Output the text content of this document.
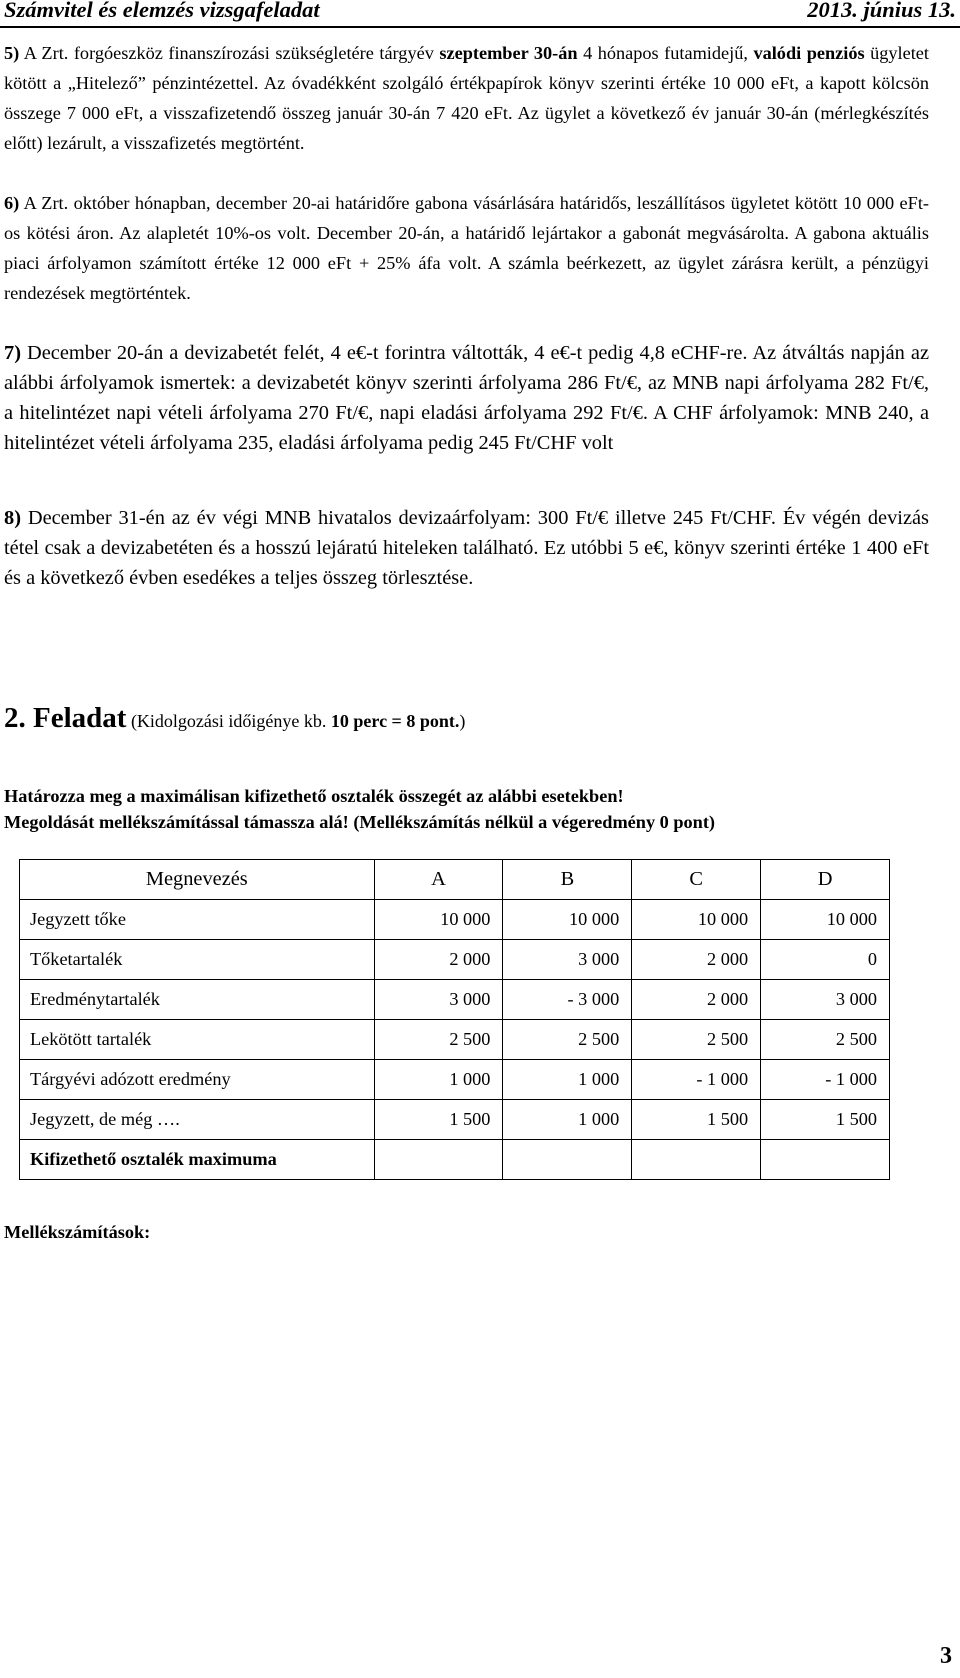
Számvitel és elemzés vizsgafeladat	2013. június 13.
5) A Zrt. forgóeszköz finanszírozási szükségletére tárgyév szeptember 30-án 4 hónapos futamidejű, valódi penziós ügyletet kötött a „Hitelező” pénzintézettel. Az óvadékként szolgáló értékpapírok könyv szerinti értéke 10 000 eFt, a kapott kölcsön összege 7 000 eFt, a visszafizetendő összeg január 30-án 7 420 eFt. Az ügylet a következő év január 30-án (mérlegkészítés előtt) lezárult, a visszafizetés megtörtént.
6) A Zrt. október hónapban, december 20-ai határidőre gabona vásárlására határidős, leszállításos ügyletet kötött 10 000 eFt-os kötési áron. Az alapletét 10%-os volt. December 20-án, a határidő lejártakor a gabonát megvásárolta. A gabona aktuális piaci árfolyamon számított értéke 12 000 eFt + 25% áfa volt. A számla beérkezett, az ügylet zárásra került, a pénzügyi rendezések megtörténtek.
7) December 20-án a devizabetét felét, 4 e€-t forintra váltották, 4 e€-t pedig 4,8 eCHF-re. Az átváltás napján az alábbi árfolyamok ismertek: a devizabetét könyv szerinti árfolyama 286 Ft/€, az MNB napi árfolyama 282 Ft/€, a hitelintézet napi vételi árfolyama 270 Ft/€, napi eladási árfolyama 292 Ft/€. A CHF árfolyamok: MNB 240, a hitelintézet vételi árfolyama 235, eladási árfolyama pedig 245 Ft/CHF volt
8) December 31-én az év végi MNB hivatalos devizaárfolyam: 300 Ft/€ illetve 245 Ft/CHF. Év végén devizás tétel csak a devizabetéten és a hosszú lejáratú hiteleken található. Ez utóbbi 5 e€, könyv szerinti értéke 1 400 eFt és a következő évben esedékes a teljes összeg törlesztése.
2. Feladat (Kidolgozási időigénye kb. 10 perc = 8 pont.)
Határozza meg a maximálisan kifizethető osztalék összegét az alábbi esetekben!
Megoldását mellékszámítással támassza alá! (Mellékszámítás nélkül a végeredmény 0 pont)
Megnevezés	A	B	C	D
Jegyzett tőke	10 000	10 000	10 000	10 000
Tőketartalék	2 000	3 000	2 000	0
Eredménytartalék	3 000	- 3 000	2 000	3 000
Lekötött tartalék	2 500	2 500	2 500	2 500
Tárgyévi adózott eredmény	1 000	1 000	- 1 000	- 1 000
Jegyzett, de még ….	1 500	1 000	1 500	1 500
Kifizethető osztalék maximuma				
Mellékszámítások:
3
